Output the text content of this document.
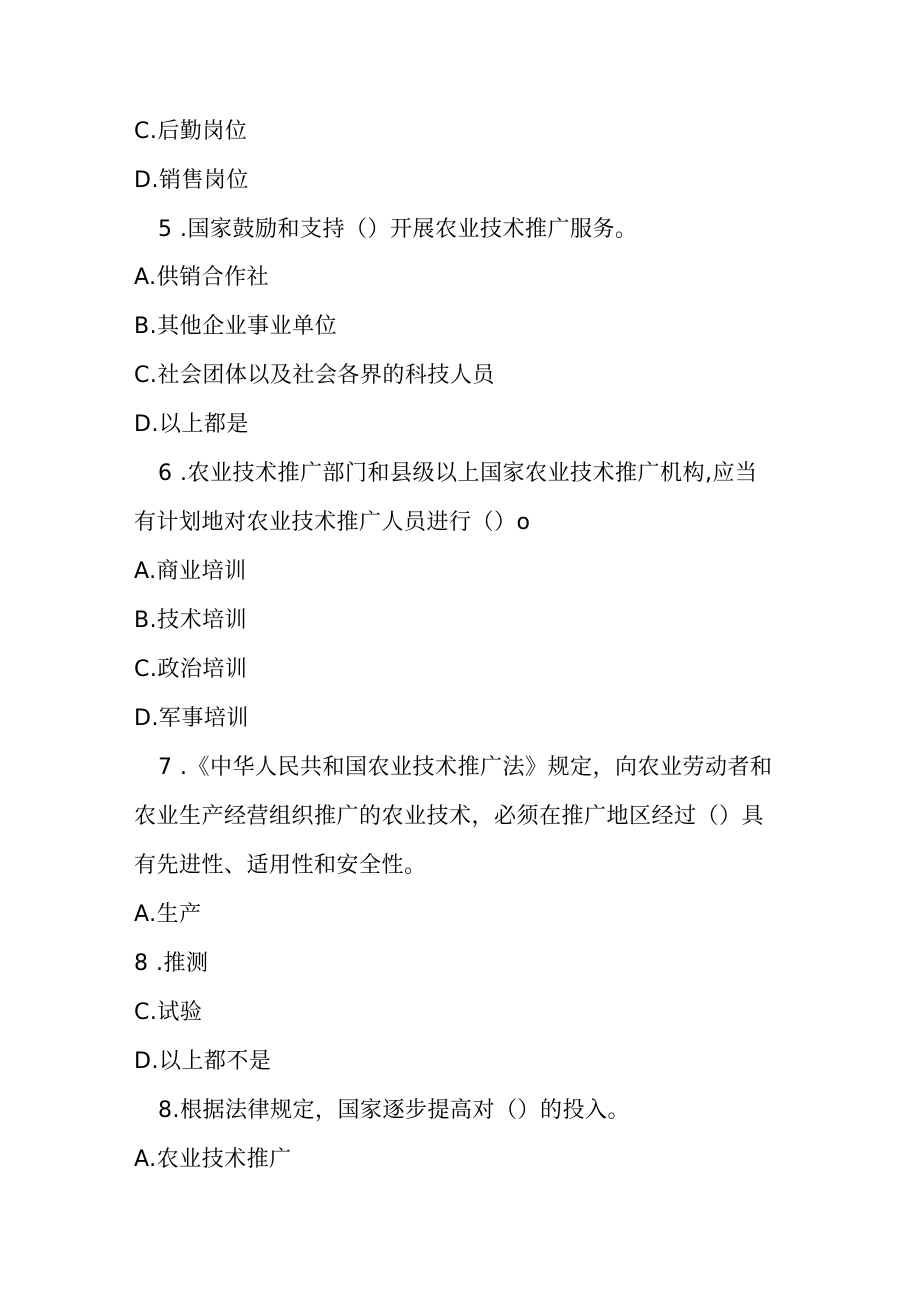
C.后勤岗位
D.销售岗位
5 .国家鼓励和支持（）开展农业技术推广服务。
A.供销合作社
B.其他企业事业单位
C.社会团体以及社会各界的科技人员
D.以上都是
6 .农业技术推广部门和县级以上国家农业技术推广机构,应当
有计划地对农业技术推广人员进行（）o
A.商业培训
B.技术培训
C.政治培训
D.军事培训
7 .《中华人民共和国农业技术推广法》规定，向农业劳动者和
农业生产经营组织推广的农业技术，必须在推广地区经过（）具
有先进性、适用性和安全性。
A.生产
8 .推测
C.试验
D.以上都不是
8.根据法律规定，国家逐步提高对（）的投入。
A.农业技术推广
